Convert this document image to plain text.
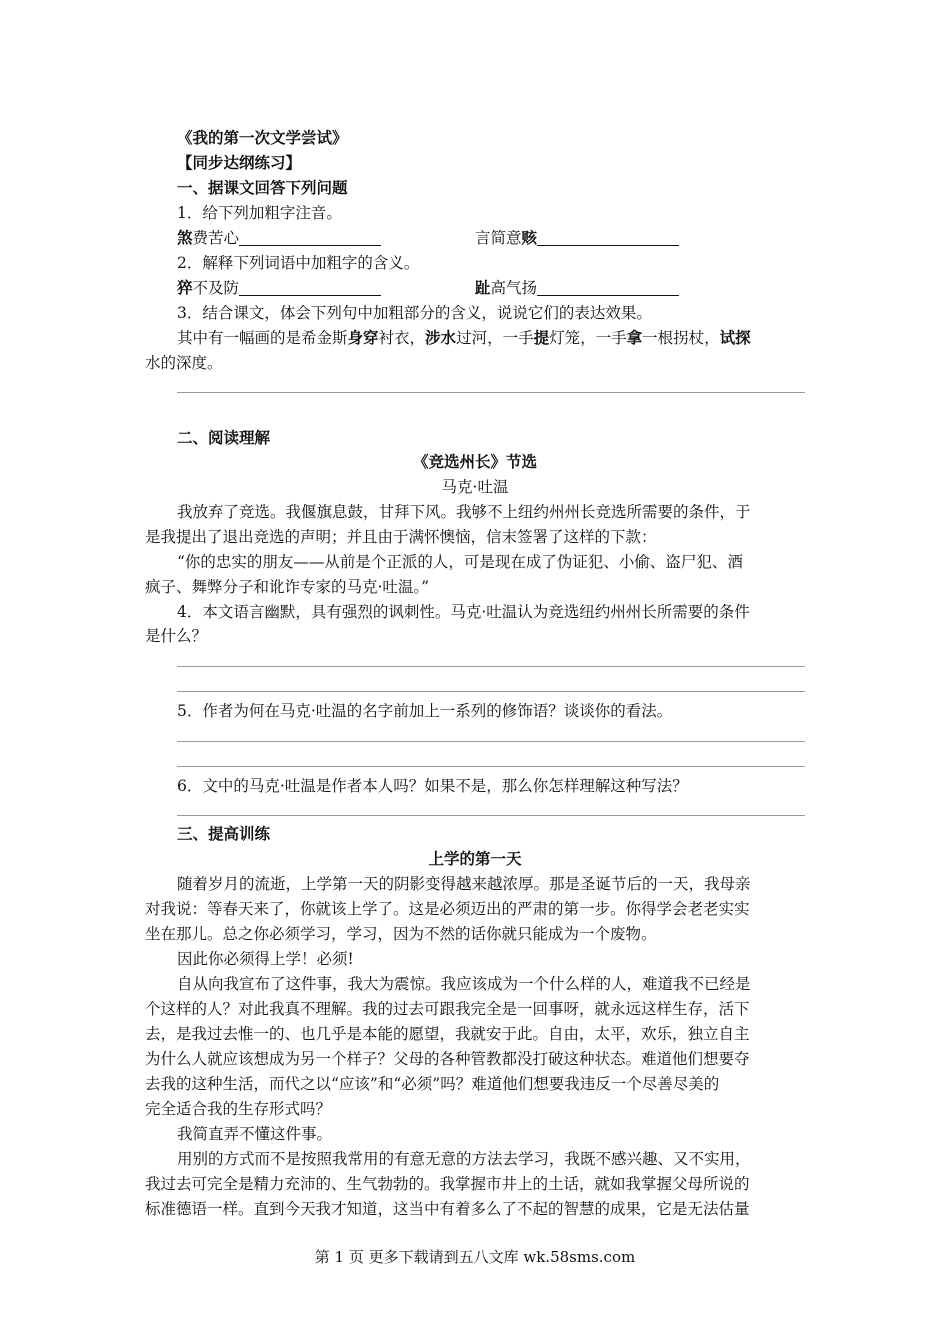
《我的第一次文学尝试》
【同步达纲练习】
一、据课文回答下列问题
1．给下列加粗字注音。
煞费苦心	言简意赅
2．解释下列词语中加粗字的含义。
猝不及防	趾高气扬
3．结合课文，体会下列句中加粗部分的含义，说说它们的表达效果。
其中有一幅画的是希金斯身穿衬衣，涉水过河，一手提灯笼，一手拿一根拐杖，试探
水的深度。
二、阅读理解
《竞选州长》节选
马克·吐温
我放弃了竞选。我偃旗息鼓，甘拜下风。我够不上纽约州州长竞选所需要的条件，于
是我提出了退出竞选的声明；并且由于满怀懊恼，信末签署了这样的下款：
“你的忠实的朋友——从前是个正派的人，可是现在成了伪证犯、小偷、盗尸犯、酒
疯子、舞弊分子和讹诈专家的马克·吐温。”
4．本文语言幽默，具有强烈的讽刺性。马克·吐温认为竞选纽约州州长所需要的条件
是什么？
5．作者为何在马克·吐温的名字前加上一系列的修饰语？谈谈你的看法。
6．文中的马克·吐温是作者本人吗？如果不是，那么你怎样理解这种写法？
三、提高训练
上学的第一天
随着岁月的流逝，上学第一天的阴影变得越来越浓厚。那是圣诞节后的一天，我母亲
对我说：等春天来了，你就该上学了。这是必须迈出的严肃的第一步。你得学会老老实实
坐在那儿。总之你必须学习，学习，因为不然的话你就只能成为一个废物。
因此你必须得上学！必须!
自从向我宣布了这件事，我大为震惊。我应该成为一个什么样的人，难道我不已经是
个这样的人？对此我真不理解。我的过去可跟我完全是一回事呀，就永远这样生存，活下
去，是我过去惟一的、也几乎是本能的愿望，我就安于此。自由，太平，欢乐，独立自主
为什么人就应该想成为另一个样子？父母的各种管教都没打破这种状态。难道他们想要夺
去我的这种生活，而代之以“应该”和“必须”吗？难道他们想要我违反一个尽善尽美的
完全适合我的生存形式吗？
我简直弄不懂这件事。
用别的方式而不是按照我常用的有意无意的方法去学习，我既不感兴趣、又不实用，
我过去可完全是精力充沛的、生气勃勃的。我掌握市井上的土话，就如我掌握父母所说的
标准德语一样。直到今天我才知道，这当中有着多么了不起的智慧的成果，它是无法估量
第 1 页 更多下载请到五八文库 wk.58sms.com
